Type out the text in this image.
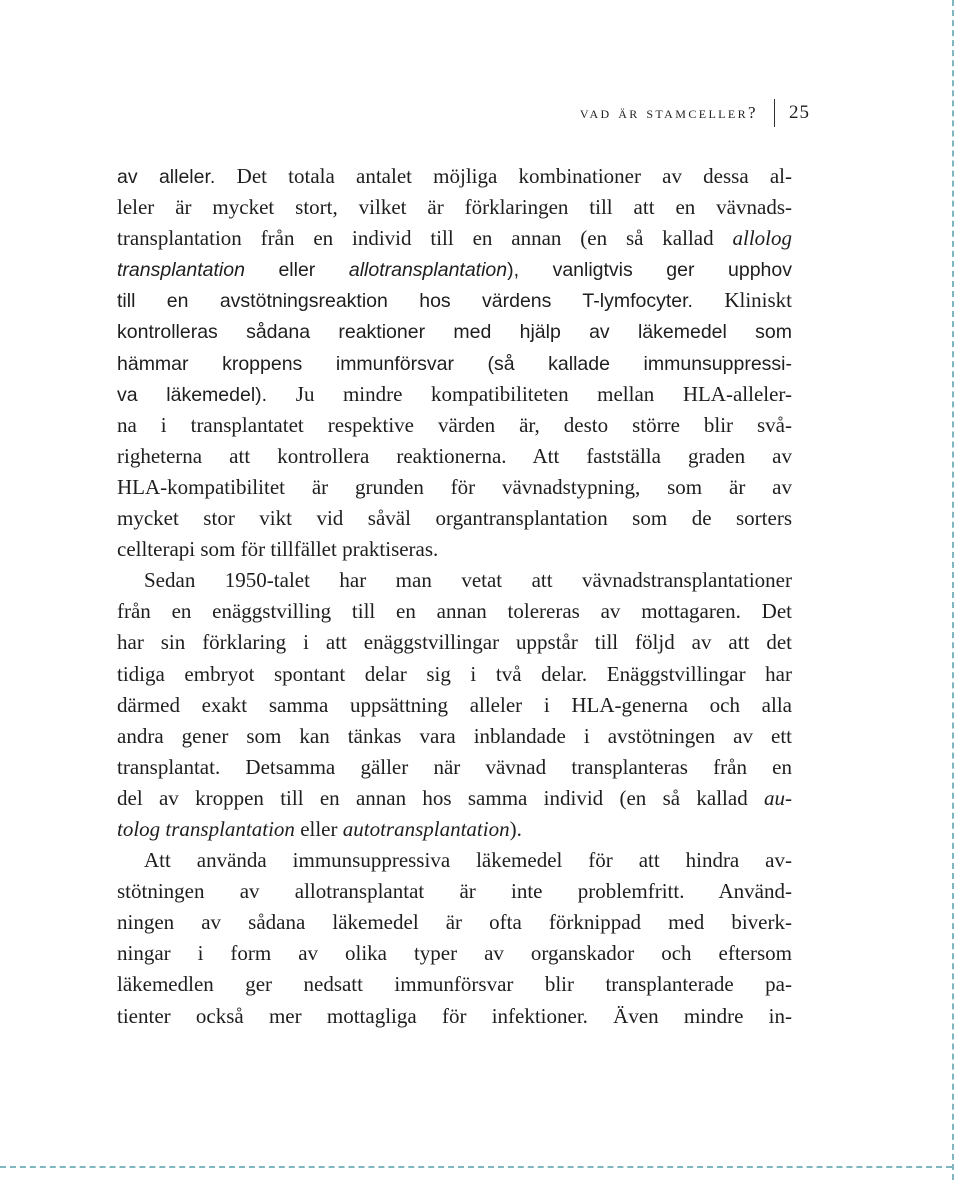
vad är stamceller? 25
av alleler. Det totala antalet möjliga kombinationer av dessa al-
leler är mycket stort, vilket är förklaringen till att en vävnads-
transplantation från en individ till en annan (en så kallad allolog
transplantation eller allotransplantation), vanligtvis ger upphov
till en avstötningsreaktion hos värdens T-lymfocyter. Kliniskt
kontrolleras sådana reaktioner med hjälp av läkemedel som
hämmar kroppens immunförsvar (så kallade immunsuppressi-
va läkemedel). Ju mindre kompatibiliteten mellan HLA-alleler-
na i transplantatet respektive värden är, desto större blir svå-
righeterna att kontrollera reaktionerna. Att fastställa graden av
HLA-kompatibilitet är grunden för vävnadstypning, som är av
mycket stor vikt vid såväl organtransplantation som de sorters
cellterapi som för tillfället praktiseras.
Sedan 1950-talet har man vetat att vävnadstransplantationer
från en enäggstvilling till en annan tolereras av mottagaren. Det
har sin förklaring i att enäggstvillingar uppstår till följd av att det
tidiga embryot spontant delar sig i två delar. Enäggstvillingar har
därmed exakt samma uppsättning alleler i HLA-generna och alla
andra gener som kan tänkas vara inblandade i avstötningen av ett
transplantat. Detsamma gäller när vävnad transplanteras från en
del av kroppen till en annan hos samma individ (en så kallad au-
tolog transplantation eller autotransplantation).
Att använda immunsuppressiva läkemedel för att hindra av-
stötningen av allotransplantat är inte problemfritt. Använd-
ningen av sådana läkemedel är ofta förknippad med biverk-
ningar i form av olika typer av organskador och eftersom
läkemedlen ger nedsatt immunförsvar blir transplanterade pa-
tienter också mer mottagliga för infektioner. Även mindre in-
